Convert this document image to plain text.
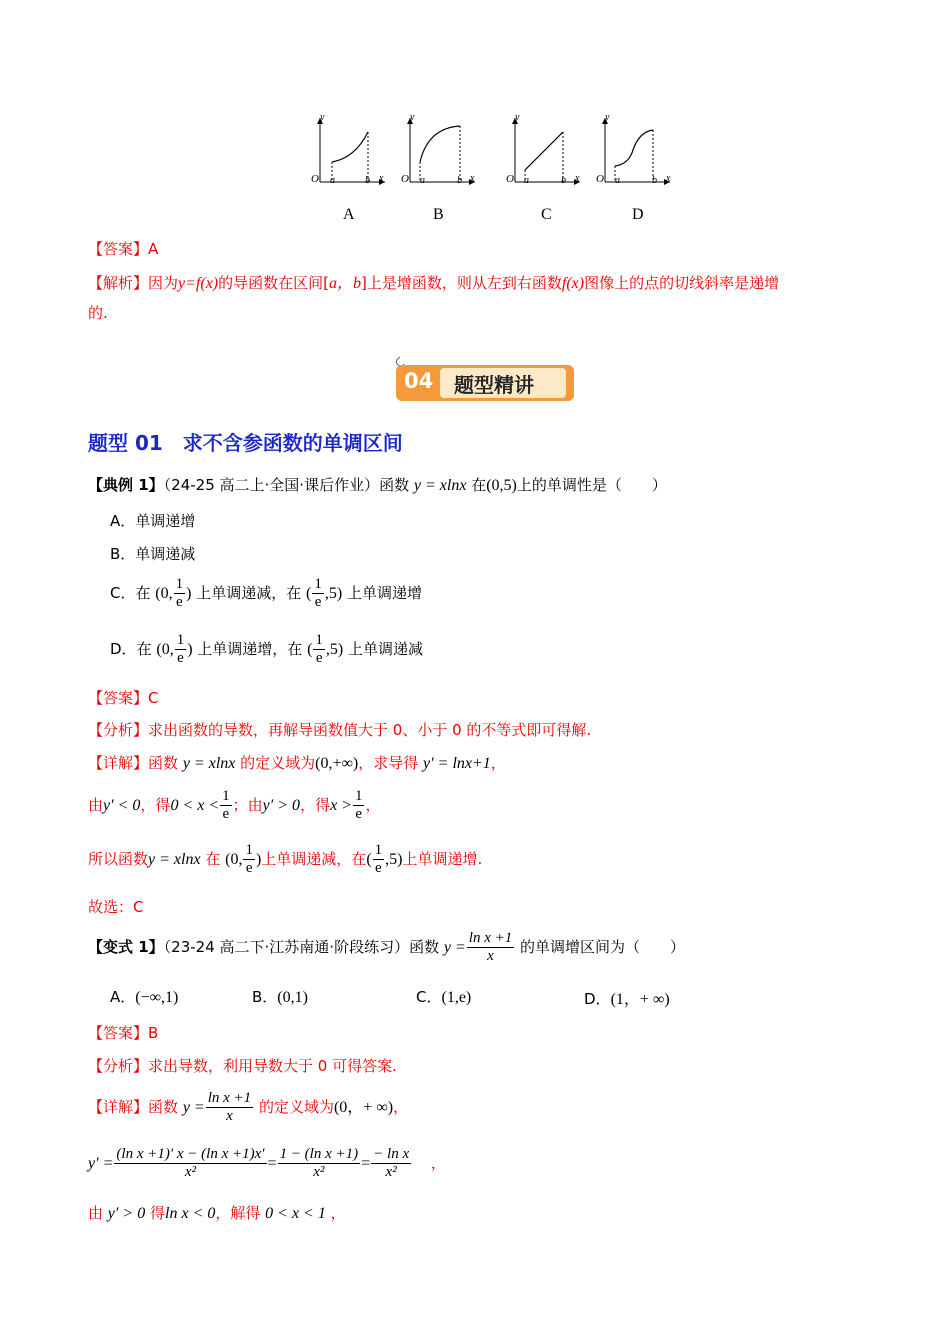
y
O a	b x
y
O a	b x
y
O a	b x
y
O a	b x
A	B	C	D
【答案】A
【解析】因为y=f(x)的导函数在区间[a，b]上是增函数，则从左到右函数f(x)图像上的点的切线斜率是递增
的.
04 题型精讲
题型 01　求不含参函数的单调区间
【典例 1】（24-25 高二上·全国·课后作业）函数 y = xlnx 在(0,5)上的单调性是（　　）
A．单调递增
B．单调递减
C．在 (0, $\frac{1}{e}$ ) 上单调递减，在 ( $\frac{1}{e} ,5$) 上单调递增
D．在 (0, $\frac{1}{e}$ ) 上单调递增，在 ( $\frac{1}{e} ,5$) 上单调递减
【答案】C
【分析】求出函数的导数，再解导函数值大于 0、小于 0 的不等式即可得解.
【详解】函数 y = xlnx 的定义域为(0,+∞)，求导得 y′ = lnx+1，
由y′ < 0，得$0 < x < \frac{1}{e}$ ；由y′ > 0，得$x > \frac{1}{e}$ ，
所以函数y = xlnx 在 (0, $\frac{1}{e}$ )上单调递减，在( $\frac{1}{e} ,5$)上单调递增.
故选：C
【变式 1】（23-24 高二下·江苏南通·阶段练习）函数 $y = \frac{\text{ln x +1}}{x}$ 的单调增区间为（　　）
A．(−∞,1)	B．(0,1)	C．(1,e)	D．(1，+ ∞)
【答案】B
【分析】求出导数，利用导数大于 0 可得答案.
【详解】函数 $y = \frac{\text{ln x +1}}{x}$ 的定义域为(0，+ ∞)，
$y' = \frac{\text{(ln x +1)′ x − (ln x +1)x′}}{\text{x²}} = \frac{\text{1 − (ln x +1)}}{\text{x²}} = \frac{\text{− ln x}}{\text{x²}}$ ，
由 y′ > 0 得ln x < 0，解得 0 < x < 1 ，
